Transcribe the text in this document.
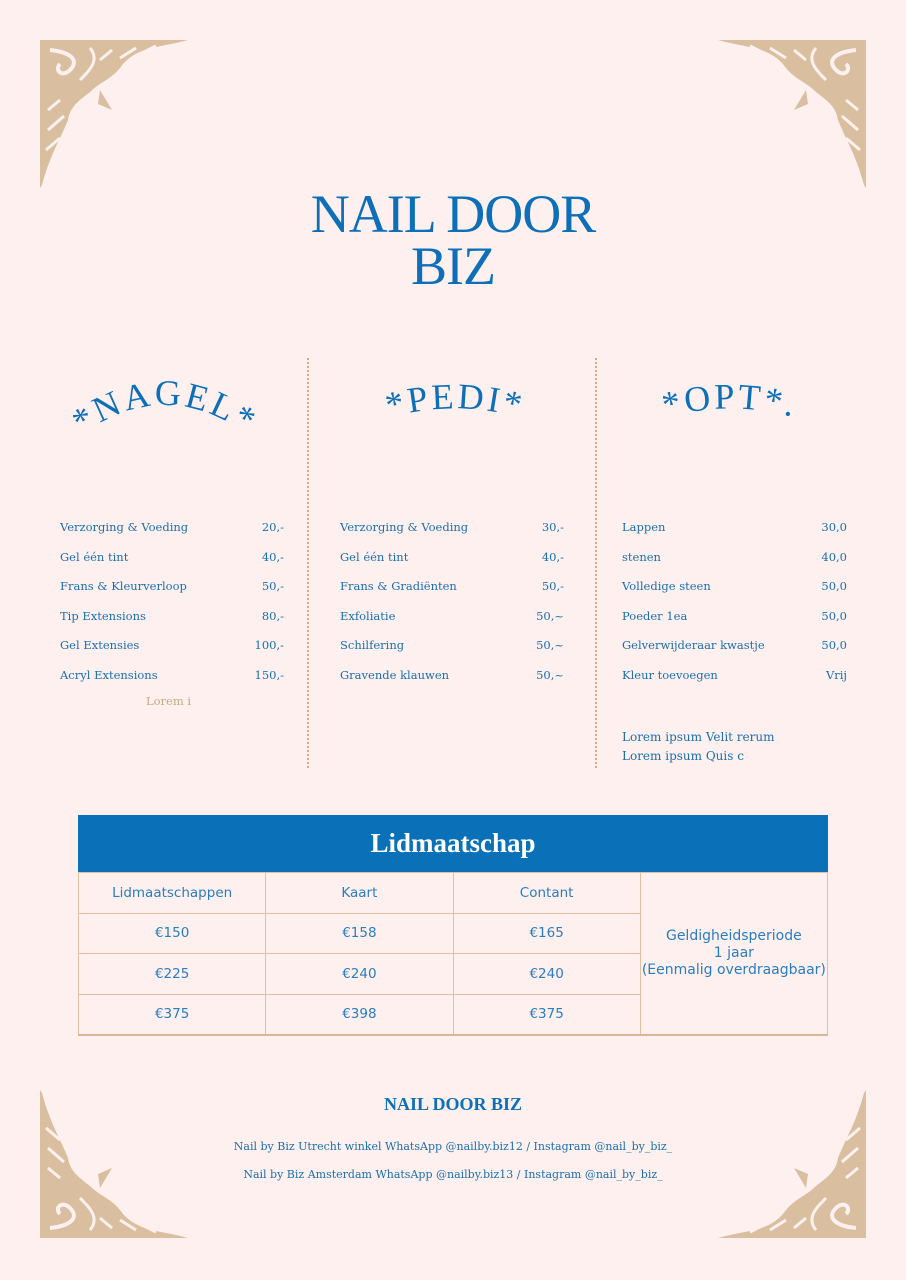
NAIL DOOR
BIZ
*NAGEL*	*PEDI*	*OPT*.
Verzorging & Voeding	20,-
Gel één tint	40,-
Frans & Kleurverloop	50,-
Tip Extensions	80,-
Gel Extensies	100,-
Acryl Extensions	150,-
Lorem i
Verzorging & Voeding	30,-
Gel één tint	40,-
Frans & Gradiënten	50,-
Exfoliatie	50,~
Schilfering	50,~
Gravende klauwen	50,~
Lappen	30,0
stenen	40,0
Volledige steen	50,0
Poeder 1ea	50,0
Gelverwijderaar kwastje	50,0
Kleur toevoegen	Vrij
Lorem ipsum Velit rerum
Lorem ipsum Quis c
Lidmaatschap
Lidmaatschappen	Kaart	Contant	Geldigheidsperiode
1 jaar
(Eenmalig overdraagbaar)

€150	€158	€165	
€225	€240	€240	
€375	€398	€375	
NAIL DOOR BIZ
Nail by Biz Utrecht winkel WhatsApp @nailby.biz12 / Instagram @nail_by_biz_
Nail by Biz Amsterdam WhatsApp @nailby.biz13 / Instagram @nail_by_biz_
